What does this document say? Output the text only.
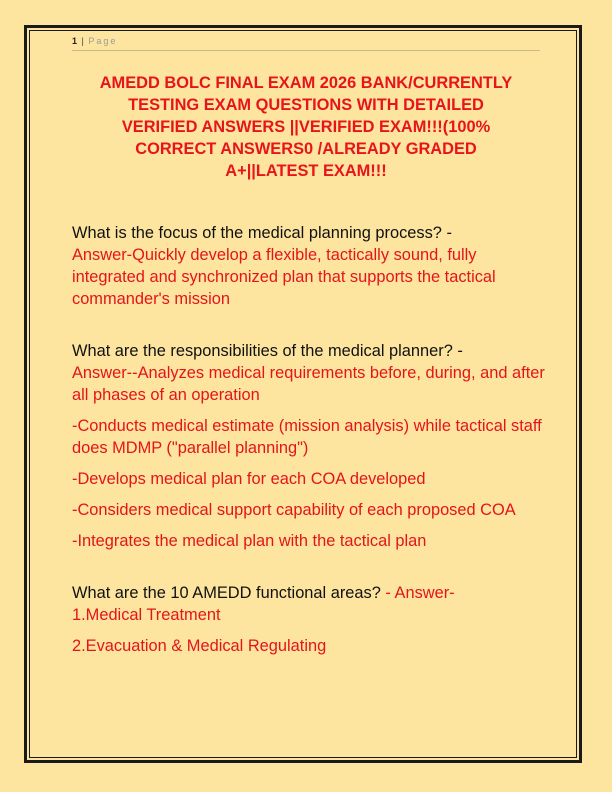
1 | Page
AMEDD BOLC FINAL EXAM 2026 BANK/CURRENTLY
TESTING EXAM QUESTIONS WITH DETAILED
VERIFIED ANSWERS ||VERIFIED EXAM!!!(100%
CORRECT ANSWERS0 /ALREADY GRADED
A+||LATEST EXAM!!!
What is the focus of the medical planning process? -
Answer-Quickly develop a flexible, tactically sound, fully integrated and synchronized plan that supports the tactical commander's mission
What are the responsibilities of the medical planner? -
Answer--Analyzes medical requirements before, during, and after all phases of an operation
-Conducts medical estimate (mission analysis) while tactical staff does MDMP ("parallel planning")
-Develops medical plan for each COA developed
-Considers medical support capability of each proposed COA
-Integrates the medical plan with the tactical plan
What are the 10 AMEDD functional areas? - Answer-
1.Medical Treatment
2.Evacuation & Medical Regulating
